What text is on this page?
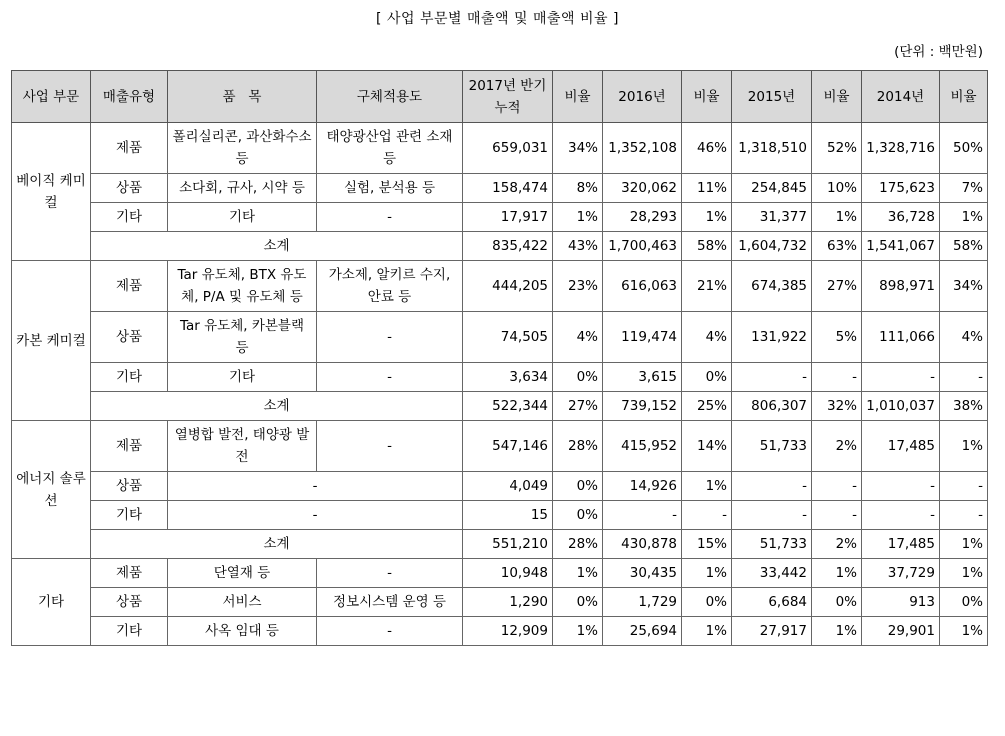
[ 사업 부문별 매출액 및 매출액 비율 ]
(단위 : 백만원)
사업 부문	매출유형	품   목	구체적용도	2017년 반기누적	비율	2016년	비율	2015년	비율	2014년	비율
베이직 케미컬	제품	폴리실리콘, 과산화수소 등	태양광산업 관련 소재 등	659,031	34%	1,352,108	46%	1,318,510	52%	1,328,716	50%
	상품	소다회, 규사, 시약 등	실험, 분석용 등	158,474	8%	320,062	11%	254,845	10%	175,623	7%
	기타	기타	-	17,917	1%	28,293	1%	31,377	1%	36,728	1%
	소계			835,422	43%	1,700,463	58%	1,604,732	63%	1,541,067	58%
카본 케미컬	제품	Tar 유도체, BTX 유도체, P/A 및 유도체 등	가소제, 알키르 수지, 안료 등	444,205	23%	616,063	21%	674,385	27%	898,971	34%
	상품	Tar 유도체, 카본블랙 등	-	74,505	4%	119,474	4%	131,922	5%	111,066	4%
	기타	기타	-	3,634	0%	3,615	0%	-	-	-	-
	소계			522,344	27%	739,152	25%	806,307	32%	1,010,037	38%
에너지 솔루션	제품	열병합 발전, 태양광 발전	-	547,146	28%	415,952	14%	51,733	2%	17,485	1%
	상품	-		4,049	0%	14,926	1%	-	-	-	-
	기타	-		15	0%	-	-	-	-	-	-
	소계			551,210	28%	430,878	15%	51,733	2%	17,485	1%
기타	제품	단열재 등	-	10,948	1%	30,435	1%	33,442	1%	37,729	1%
	상품	서비스	정보시스템 운영 등	1,290	0%	1,729	0%	6,684	0%	913	0%
	기타	사옥 임대 등	-	12,909	1%	25,694	1%	27,917	1%	29,901	1%
